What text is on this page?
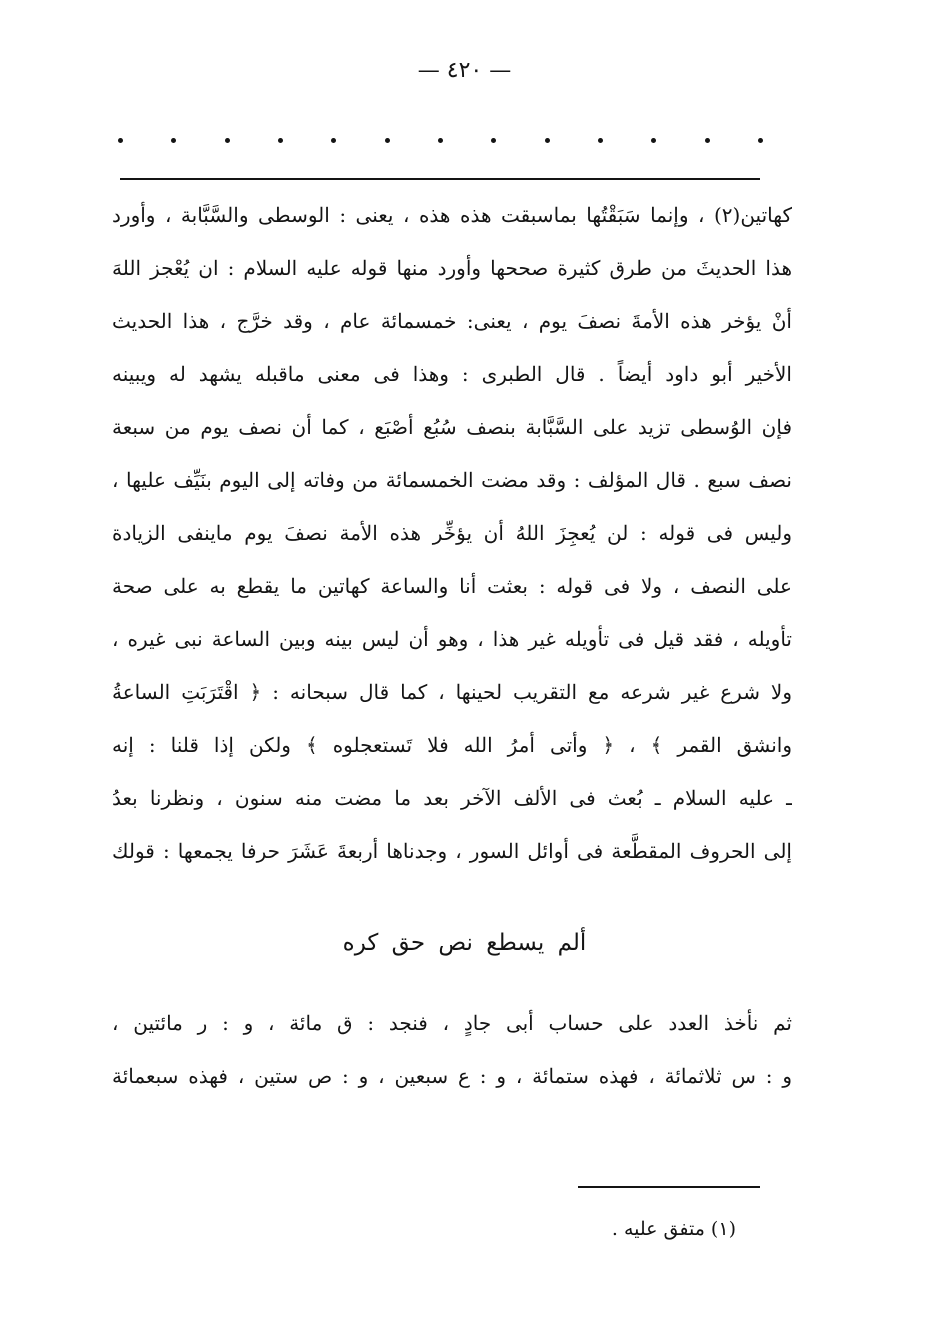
— ٤٢٠ —
كهاتين(٢) ، وإنما سَبَقْتُها بماسبقت هذه هذه ، يعنى : الوسطى والسَّبَّابة ، وأورد
هذا الحديثَ من طرق كثيرة صححها وأورد منها قوله عليه السلام : ان يُعْجز اللهَ
أنْ يؤخر هذه الأمةَ نصفَ يوم ، يعنى: خمسمائة عام ، وقد خرَّج ، هذا الحديث
الأخير أبو داود أيضاً . قال الطبرى : وهذا فى معنى ماقبله يشهد له ويبينه
فإن الوُسطى تزيد على السَّبَّابة بنصف سُبُع أصْبَع ، كما أن نصف يوم من سبعة
نصف سبع . قال المؤلف : وقد مضت الخمسمائة من وفاته إلى اليوم بنَيِّف عليها ،
وليس فى قوله : لن يُعجِزَ اللهُ أن يؤخِّر هذه الأمة نصفَ يوم ماينفى الزيادة
على النصف ، ولا فى قوله : بعثت أنا والساعة كهاتين ما يقطع به على صحة
تأويله ، فقد قيل فى تأويله غير هذا ، وهو أن ليس بينه وبين الساعة نبى غيره ،
ولا شرع غير شرعه مع التقريب لحينها ، كما قال سبحانه : ﴿ اقْتَرَبَتِ الساعةُ
وانشق القمر ﴾ ، ﴿ وأتى أمرُ الله فلا تَستعجلوه ﴾ ولكن إذا قلنا : إنه
ـ عليه السلام ـ بُعث فى الألف الآخر بعد ما مضت منه سنون ، ونظرنا بعدُ
إلى الحروف المقطَّعة فى أوائل السور ، وجدناها أربعةَ عَشَرَ حرفا يجمعها : قولك
ألم يسطع نص حق كره
ثم نأخذ العدد على حساب أبى جادٍ ، فنجد : ق مائة ، و : ر مائتين ،
و : س ثلاثمائة ، فهذه ستمائة ، و : ع سبعين ، و : ص ستين ، فهذه سبعمائة
(١) متفق عليه .
